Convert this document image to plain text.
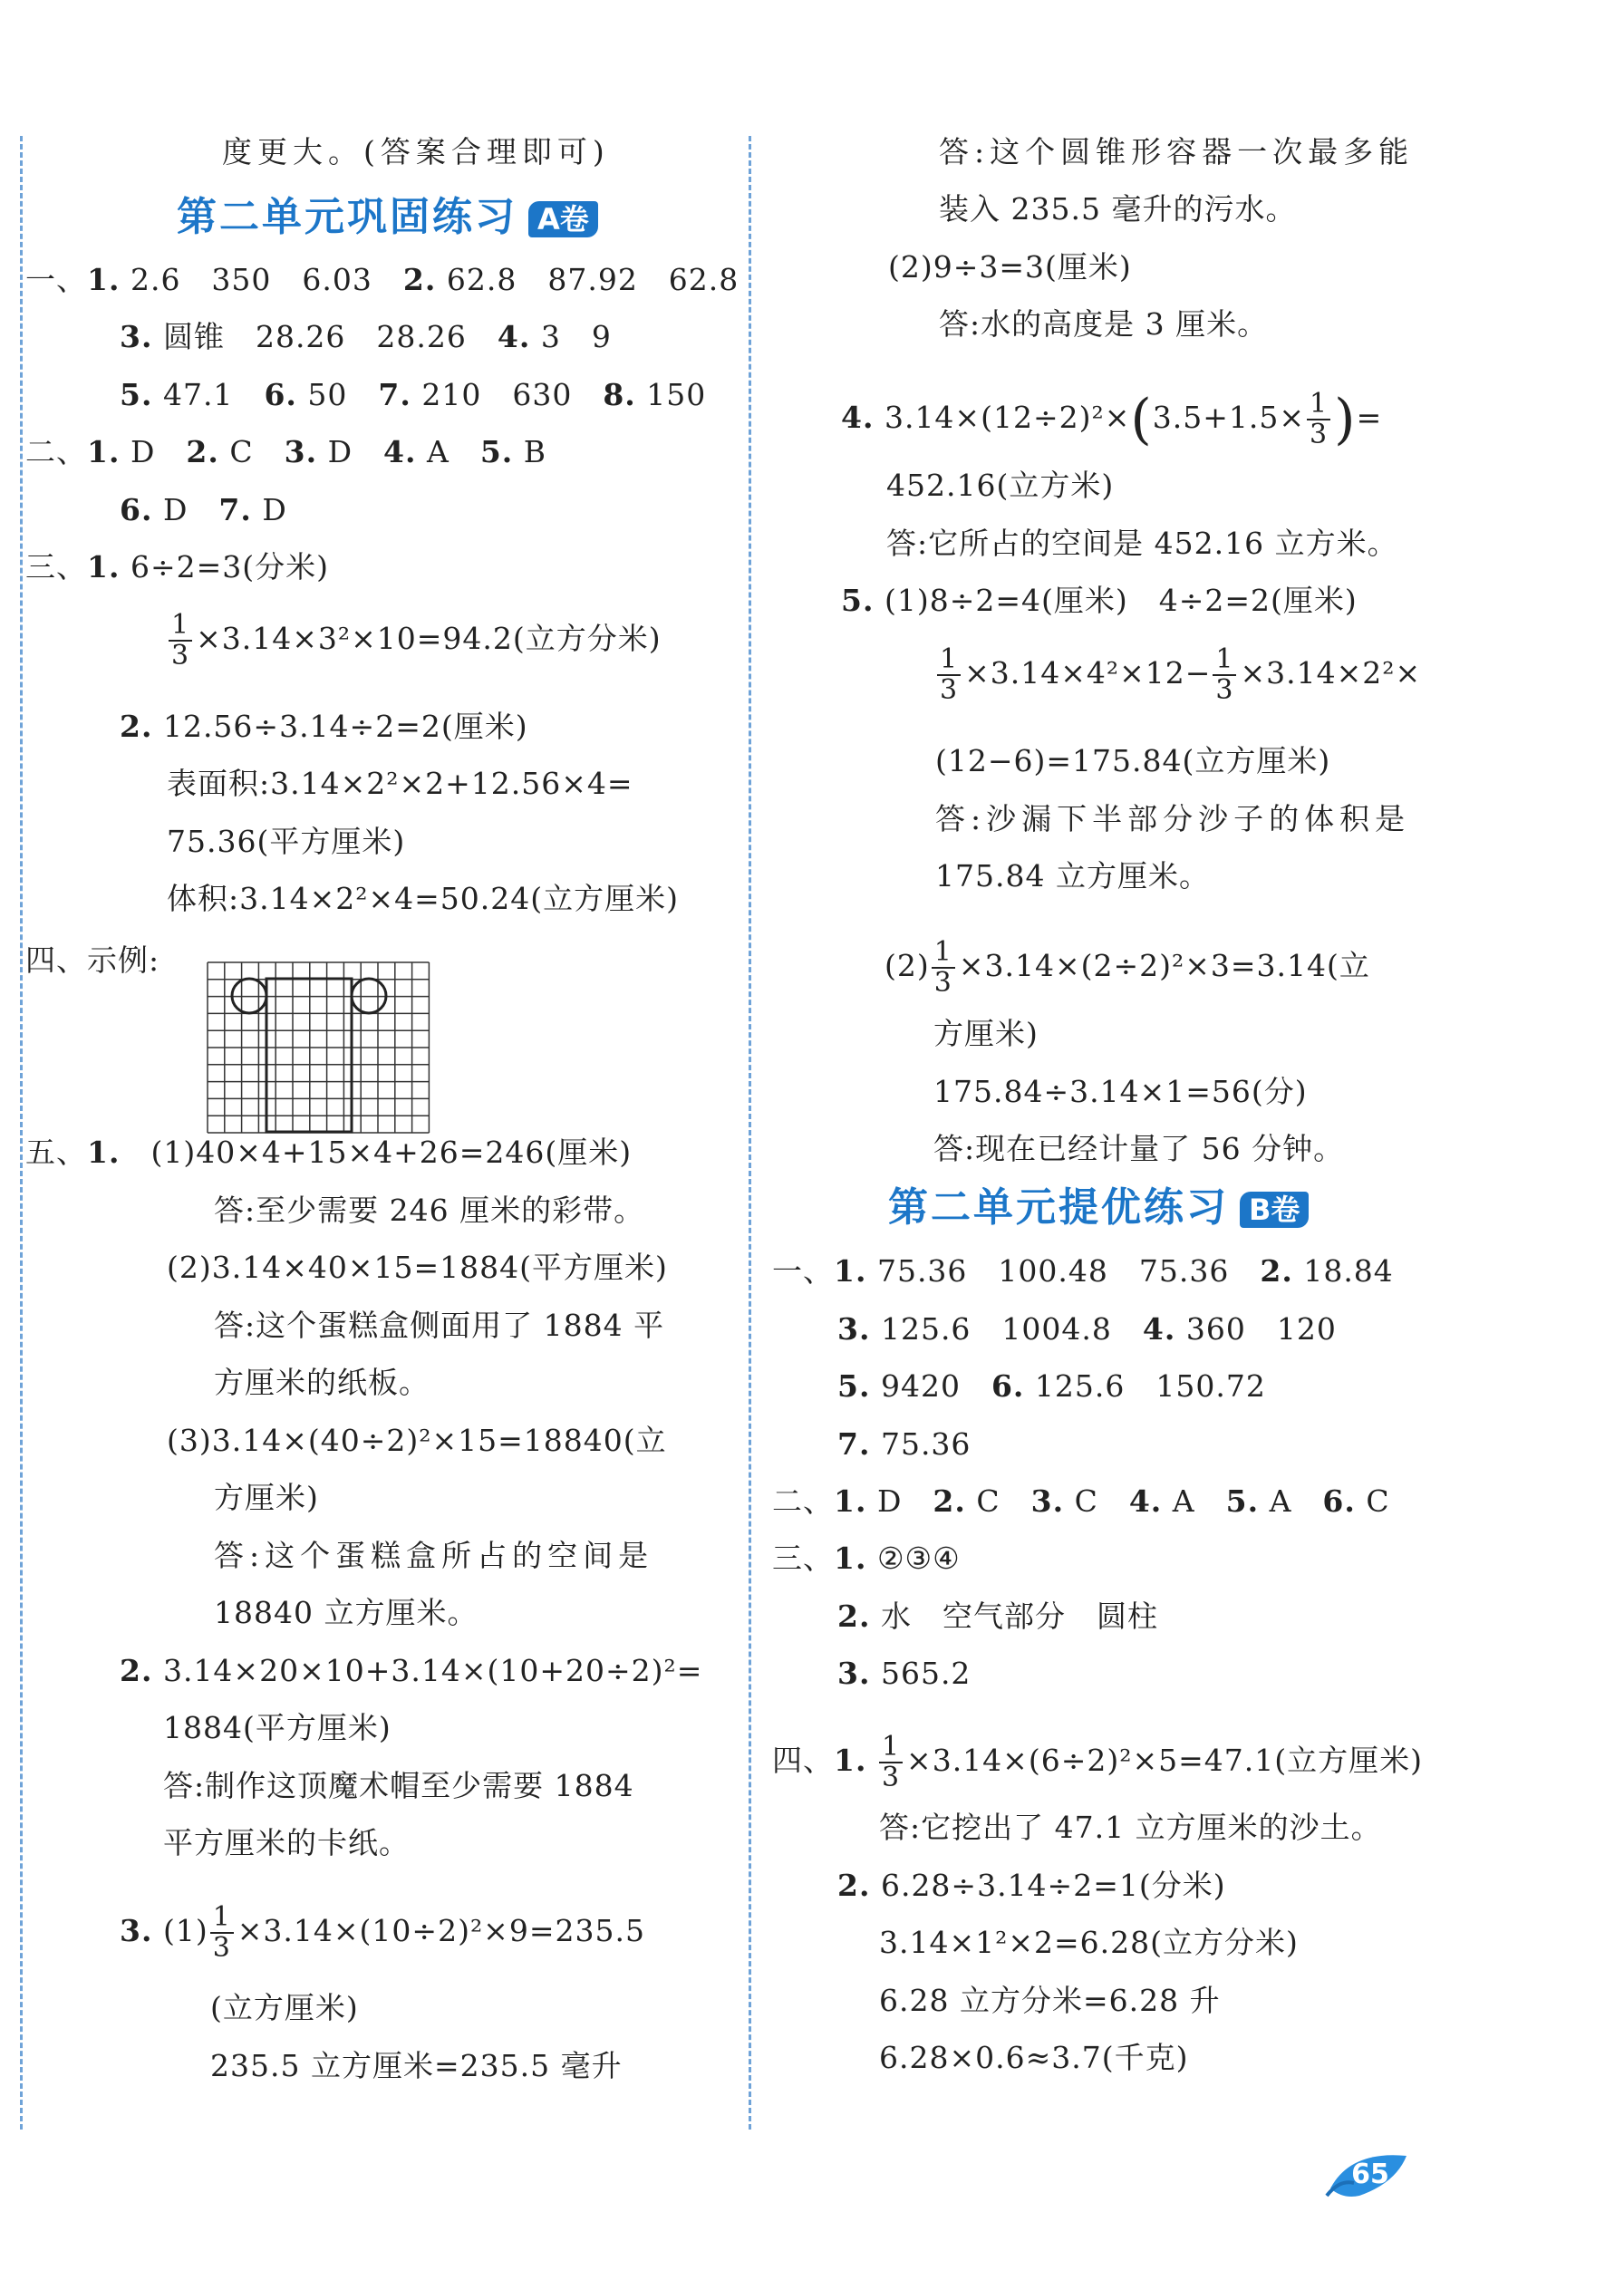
度更大。(答案合理即可)
第二单元巩固练习 A卷
一、1. 2.6　350　6.03　 2. 62.8　87.92　62.8
3. 圆锥　28.26　28.26　 4. 3　9
5. 47.1　 6. 50　 7. 210　630　 8. 150
二、1. D　 2. C　 3. D　 4. A　 5. B
6. D　 7. D
三、1. 6÷2=3(分米)
$\frac{1}{3} \times 3.14\times 3^2\times 10=94.2$(立方分米)
2. 12.56÷3.14÷2=2(厘米)
表面积:3.14×2²×2+12.56×4=
75.36(平方厘米)
体积:3.14×2²×4=50.24(立方厘米)
四、示例:
五、1.　 (1)40×4+15×4+26=246(厘米)
答:至少需要 246 厘米的彩带。
(2)3.14×40×15=1884(平方厘米)
答:这个蛋糕盒侧面用了 1884 平
方厘米的纸板。
(3)3.14×(40÷2)²×15=18840(立
方厘米)
答:这个蛋糕盒所占的空间是
18840 立方厘米。
2. 3.14×20×10+3.14×(10+20÷2)²=
1884(平方厘米)
答:制作这顶魔术帽至少需要 1884
平方厘米的卡纸。
3. $(1) \frac{1}{3} \times 3.14\times(10\div 2)^2\times 9=235.5$
(立方厘米)
235.5 立方厘米=235.5 毫升
答:这个圆锥形容器一次最多能
装入 235.5 毫升的污水。
(2)9÷3=3(厘米)
答:水的高度是 3 厘米。
4. $3.14\times(12\div 2)^2\times(3.5+1.5\times \frac{1}{3}$ )=
452.16(立方米)
答:它所占的空间是 452.16 立方米。
5. (1)8÷2=4(厘米)　4÷2=2(厘米)
$\frac{1}{3} \times 3.14\times 4^2\times 12- \frac{1}{3} \times 3.14\times 2^2\times$
(12−6)=175.84(立方厘米)
答:沙漏下半部分沙子的体积是
175.84 立方厘米。
$(2) \frac{1}{3} \times 3.14\times(2\div 2)^2\times 3=3.14$(立
方厘米)
175.84÷3.14×1=56(分)
答:现在已经计量了 56 分钟。
第二单元提优练习 B卷
一、1. 75.36　100.48　75.36　 2. 18.84
3. 125.6　1004.8　 4. 360　120
5. 9420　 6. 125.6　150.72
7. 75.36
二、1. D　 2. C　 3. C　 4. A　 5. A　 6. C
三、1. ②③④
2. 水　空气部分　圆柱
3. 565.2
四、1. $\frac{1}{3} \times 3.14\times(6\div 2)^2\times 5=47.1$(立方厘米)
答:它挖出了 47.1 立方厘米的沙土。
2. 6.28÷3.14÷2=1(分米)
3.14×1²×2=6.28(立方分米)
6.28 立方分米=6.28 升
6.28×0.6≈3.7(千克)
65
